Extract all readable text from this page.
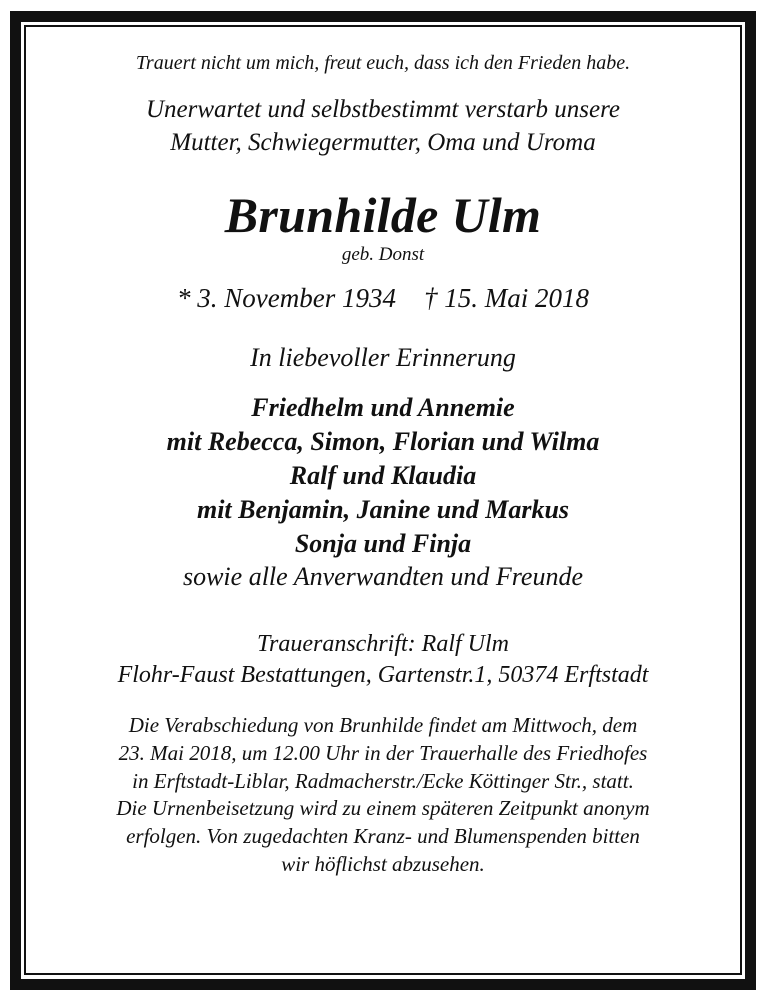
Trauert nicht um mich, freut euch, dass ich den Frieden habe.
Unerwartet und selbstbestimmt verstarb unsere
Mutter, Schwiegermutter, Oma und Uroma
Brunhilde Ulm
geb. Donst
* 3. November 1934 † 15. Mai 2018
In liebevoller Erinnerung
Friedhelm und Annemie
mit Rebecca, Simon, Florian und Wilma
Ralf und Klaudia
mit Benjamin, Janine und Markus
Sonja und Finja
sowie alle Anverwandten und Freunde
Traueranschrift: Ralf Ulm
Flohr-Faust Bestattungen, Gartenstr.1, 50374 Erftstadt
Die Verabschiedung von Brunhilde findet am Mittwoch, dem
23. Mai 2018, um 12.00 Uhr in der Trauerhalle des Friedhofes
in Erftstadt-Liblar, Radmacherstr./Ecke Köttinger Str., statt.
Die Urnenbeisetzung wird zu einem späteren Zeitpunkt anonym
erfolgen. Von zugedachten Kranz- und Blumenspenden bitten
wir höflichst abzusehen.
